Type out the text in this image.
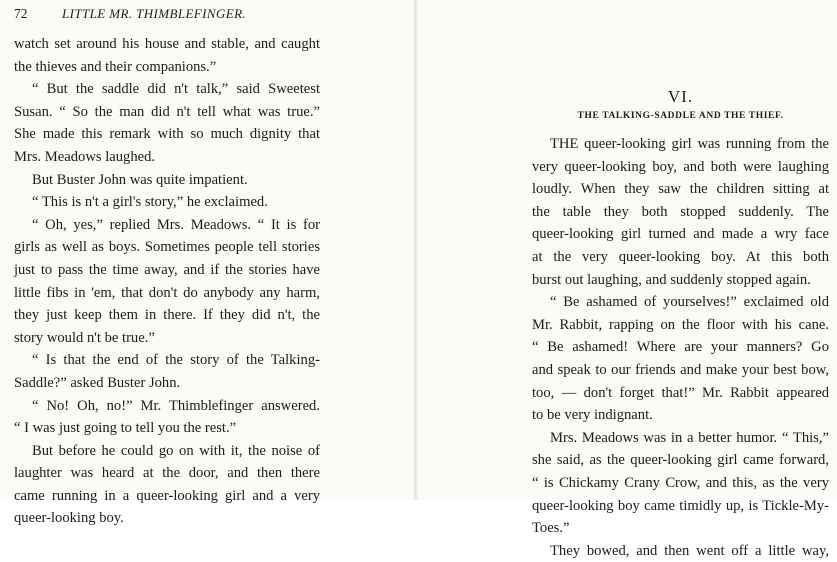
72	LITTLE MR. THIMBLEFINGER.
watch set around his house and stable, and caught
the thieves and their companions.”
“ But the saddle did n't talk,” said Sweetest
Susan. “ So the man did n't tell what was true.”
She made this remark with so much dignity that
Mrs. Meadows laughed.
But Buster John was quite impatient.
“ This is n't a girl's story,” he exclaimed.
“ Oh, yes,” replied Mrs. Meadows. “ It is for
girls as well as boys. Sometimes people tell stories
just to pass the time away, and if the stories have
little fibs in 'em, that don't do anybody any harm,
they just keep them in there. If they did n't, the
story would n't be true.”
“ Is that the end of the story of the Talking-
Saddle?” asked Buster John.
“ No! Oh, no!” Mr. Thimblefinger answered.
“ I was just going to tell you the rest.”
But before he could go on with it, the noise of
laughter was heard at the door, and then there
came running in a queer-looking girl and a very
queer-looking boy.
VI.
THE TALKING-SADDLE AND THE THIEF.
THE queer-looking girl was running from the
very queer-looking boy, and both were laughing
loudly. When they saw the children sitting at
the table they both stopped suddenly. The
queer-looking girl turned and made a wry face
at the very queer-looking boy. At this both
burst out laughing, and suddenly stopped again.
“ Be ashamed of yourselves!” exclaimed old
Mr. Rabbit, rapping on the floor with his cane.
“ Be ashamed! Where are your manners? Go
and speak to our friends and make your best bow,
too, — don't forget that!” Mr. Rabbit appeared
to be very indignant.
Mrs. Meadows was in a better humor. “ This,”
she said, as the queer-looking girl came forward,
“ is Chickamy Crany Crow, and this, as the very
queer-looking boy came timidly up, is Tickle-My-
Toes.”
They bowed, and then went off a little way,
